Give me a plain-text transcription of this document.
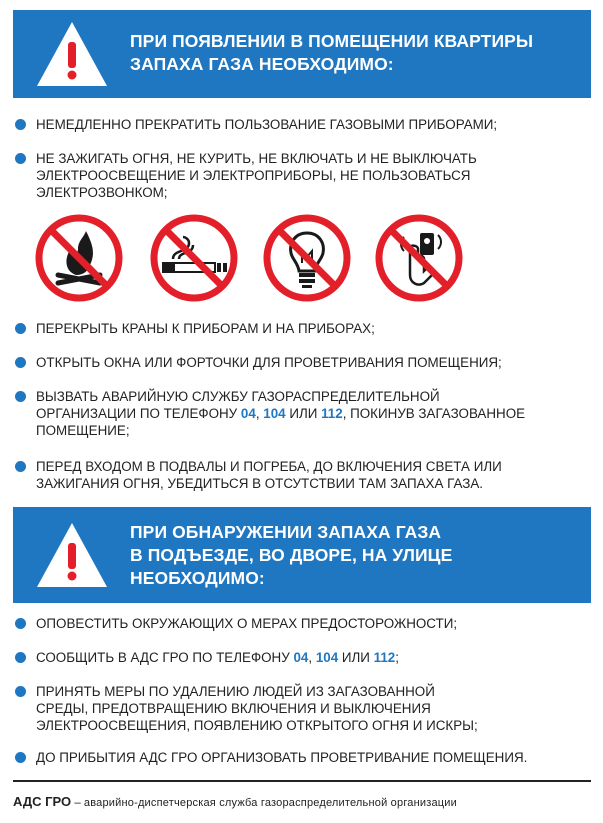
ПРИ ПОЯВЛЕНИИ В ПОМЕЩЕНИИ КВАРТИРЫ
ЗАПАХА ГАЗА НЕОБХОДИМО:
НЕМЕДЛЕННО ПРЕКРАТИТЬ ПОЛЬЗОВАНИЕ ГАЗОВЫМИ ПРИБОРАМИ;
НЕ ЗАЖИГАТЬ ОГНЯ, НЕ КУРИТЬ, НЕ ВКЛЮЧАТЬ И НЕ ВЫКЛЮЧАТЬ
ЭЛЕКТРООСВЕЩЕНИЕ И ЭЛЕКТРОПРИБОРЫ, НЕ ПОЛЬЗОВАТЬСЯ
ЭЛЕКТРОЗВОНКОМ;
ПЕРЕКРЫТЬ КРАНЫ К ПРИБОРАМ И НА ПРИБОРАХ;
ОТКРЫТЬ ОКНА ИЛИ ФОРТОЧКИ ДЛЯ ПРОВЕТРИВАНИЯ ПОМЕЩЕНИЯ;
ВЫЗВАТЬ АВАРИЙНУЮ СЛУЖБУ ГАЗОРАСПРЕДЕЛИТЕЛЬНОЙ
ОРГАНИЗАЦИИ ПО ТЕЛЕФОНУ 04, 104 ИЛИ 112, ПОКИНУВ ЗАГАЗОВАННОЕ
ПОМЕЩЕНИЕ;
ПЕРЕД ВХОДОМ В ПОДВАЛЫ И ПОГРЕБА, ДО ВКЛЮЧЕНИЯ СВЕТА ИЛИ
ЗАЖИГАНИЯ ОГНЯ, УБЕДИТЬСЯ В ОТСУТСТВИИ ТАМ ЗАПАХА ГАЗА.
ПРИ ОБНАРУЖЕНИИ ЗАПАХА ГАЗА
В ПОДЪЕЗДЕ, ВО ДВОРЕ, НА УЛИЦЕ
НЕОБХОДИМО:
ОПОВЕСТИТЬ ОКРУЖАЮЩИХ О МЕРАХ ПРЕДОСТОРОЖНОСТИ;
СООБЩИТЬ В АДС ГРО ПО ТЕЛЕФОНУ 04, 104 ИЛИ 112;
ПРИНЯТЬ МЕРЫ ПО УДАЛЕНИЮ ЛЮДЕЙ ИЗ ЗАГАЗОВАННОЙ
СРЕДЫ, ПРЕДОТВРАЩЕНИЮ ВКЛЮЧЕНИЯ И ВЫКЛЮЧЕНИЯ
ЭЛЕКТРООСВЕЩЕНИЯ, ПОЯВЛЕНИЮ ОТКРЫТОГО ОГНЯ И ИСКРЫ;
ДО ПРИБЫТИЯ АДС ГРО ОРГАНИЗОВАТЬ ПРОВЕТРИВАНИЕ ПОМЕЩЕНИЯ.
АДС ГРО – аварийно-диспетчерская служба газораспределительной организации
